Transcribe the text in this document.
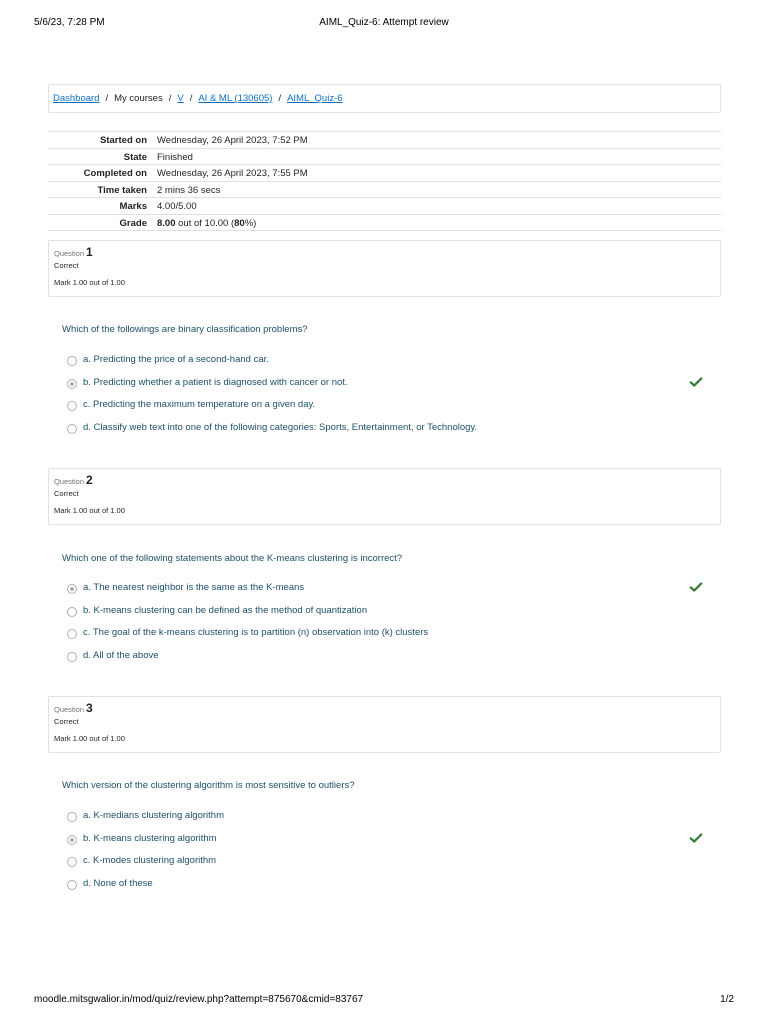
5/6/23, 7:28 PM	AIML_Quiz-6: Attempt review
Dashboard / My courses / V / AI & ML (130605) / AIML_Quiz-6
Started on Wednesday, 26 April 2023, 7:52 PM
State Finished
Completed on Wednesday, 26 April 2023, 7:55 PM
Time taken 2 mins 36 secs
Marks 4.00/5.00
Grade 8.00 out of 10.00 (80%)
Question 1
Correct
Mark 1.00 out of 1.00
Which of the followings are binary classification problems?
a. Predicting the price of a second-hand car.
b. Predicting whether a patient is diagnosed with cancer or not.
c. Predicting the maximum temperature on a given day.
d. Classify web text into one of the following categories: Sports, Entertainment, or Technology.
Question 2
Correct
Mark 1.00 out of 1.00
Which one of the following statements about the K-means clustering is incorrect?
a. The nearest neighbor is the same as the K-means
b. K-means clustering can be defined as the method of quantization
c. The goal of the k-means clustering is to partition (n) observation into (k) clusters
d. All of the above
Question 3
Correct
Mark 1.00 out of 1.00
Which version of the clustering algorithm is most sensitive to outliers?
a. K-medians clustering algorithm
b. K-means clustering algorithm
c. K-modes clustering algorithm
d. None of these
moodle.mitsgwalior.in/mod/quiz/review.php?attempt=875670&cmid=83767	1/2
